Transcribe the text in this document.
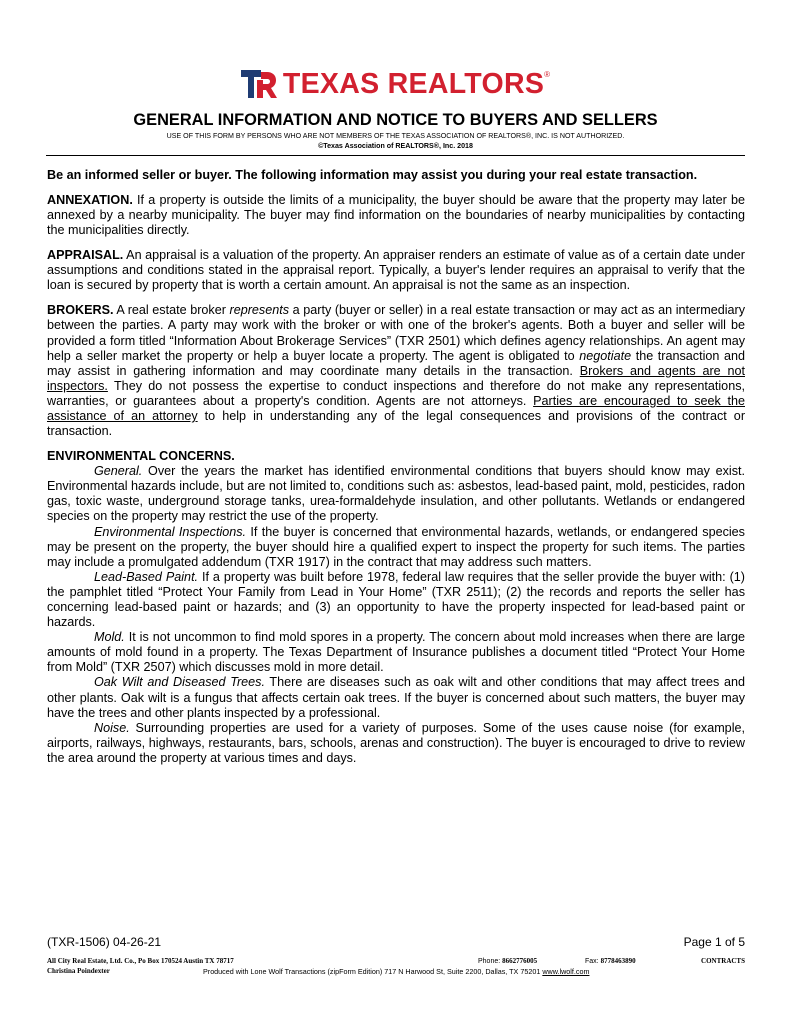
TEXAS REALTORS ®
GENERAL INFORMATION AND NOTICE TO BUYERS AND SELLERS
USE OF THIS FORM BY PERSONS WHO ARE NOT MEMBERS OF THE TEXAS ASSOCIATION OF REALTORS®, INC. IS NOT AUTHORIZED.
©Texas Association of REALTORS®, Inc. 2018

Be an informed seller or buyer. The following information may assist you during your real estate transaction.

ANNEXATION. If a property is outside the limits of a municipality, the buyer should be aware that the property may later be annexed by a nearby municipality. The buyer may find information on the boundaries of nearby municipalities by contacting the municipalities directly.

APPRAISAL. An appraisal is a valuation of the property. An appraiser renders an estimate of value as of a certain date under assumptions and conditions stated in the appraisal report. Typically, a buyer's lender requires an appraisal to verify that the loan is secured by property that is worth a certain amount. An appraisal is not the same as an inspection.

BROKERS. A real estate broker represents a party (buyer or seller) in a real estate transaction or may act as an intermediary between the parties. A party may work with the broker or with one of the broker's agents. Both a buyer and seller will be provided a form titled “Information About Brokerage Services” (TXR 2501) which defines agency relationships. An agent may help a seller market the property or help a buyer locate a property. The agent is obligated to negotiate the transaction and may assist in gathering information and may coordinate many details in the transaction. Brokers and agents are not inspectors. They do not possess the expertise to conduct inspections and therefore do not make any representations, warranties, or guarantees about a property's condition. Agents are not attorneys. Parties are encouraged to seek the assistance of an attorney to help in understanding any of the legal consequences and provisions of the contract or transaction.

ENVIRONMENTAL CONCERNS.

General. Over the years the market has identified environmental conditions that buyers should know may exist. Environmental hazards include, but are not limited to, conditions such as: asbestos, lead-based paint, mold, pesticides, radon gas, toxic waste, underground storage tanks, urea-formaldehyde insulation, and other pollutants. Wetlands or endangered species on the property may restrict the use of the property.

Environmental Inspections. If the buyer is concerned that environmental hazards, wetlands, or endangered species may be present on the property, the buyer should hire a qualified expert to inspect the property for such items. The parties may include a promulgated addendum (TXR 1917) in the contract that may address such matters.

Lead-Based Paint. If a property was built before 1978, federal law requires that the seller provide the buyer with: (1) the pamphlet titled “Protect Your Family from Lead in Your Home” (TXR 2511); (2) the records and reports the seller has concerning lead-based paint or hazards; and (3) an opportunity to have the property inspected for lead-based paint or hazards.

Mold. It is not uncommon to find mold spores in a property. The concern about mold increases when there are large amounts of mold found in a property. The Texas Department of Insurance publishes a document titled “Protect Your Home from Mold” (TXR 2507) which discusses mold in more detail.

Oak Wilt and Diseased Trees. There are diseases such as oak wilt and other conditions that may affect trees and other plants. Oak wilt is a fungus that affects certain oak trees. If the buyer is concerned about such matters, the buyer may have the trees and other plants inspected by a professional.

Noise. Surrounding properties are used for a variety of purposes. Some of the uses cause noise (for example, airports, railways, highways, restaurants, bars, schools, arenas and construction). The buyer is encouraged to drive to review the area around the property at various times and days.

(TXR-1506) 04-26-21	Page 1 of 5
All City Real Estate, Ltd. Co., Po Box 170524 Austin TX 78717	Phone: 8662776005	Fax: 8778463890	CONTRACTS
Christina Poindexter	Produced with Lone Wolf Transactions (zipForm Edition) 717 N Harwood St, Suite 2200, Dallas, TX 75201 www.lwolf.com
